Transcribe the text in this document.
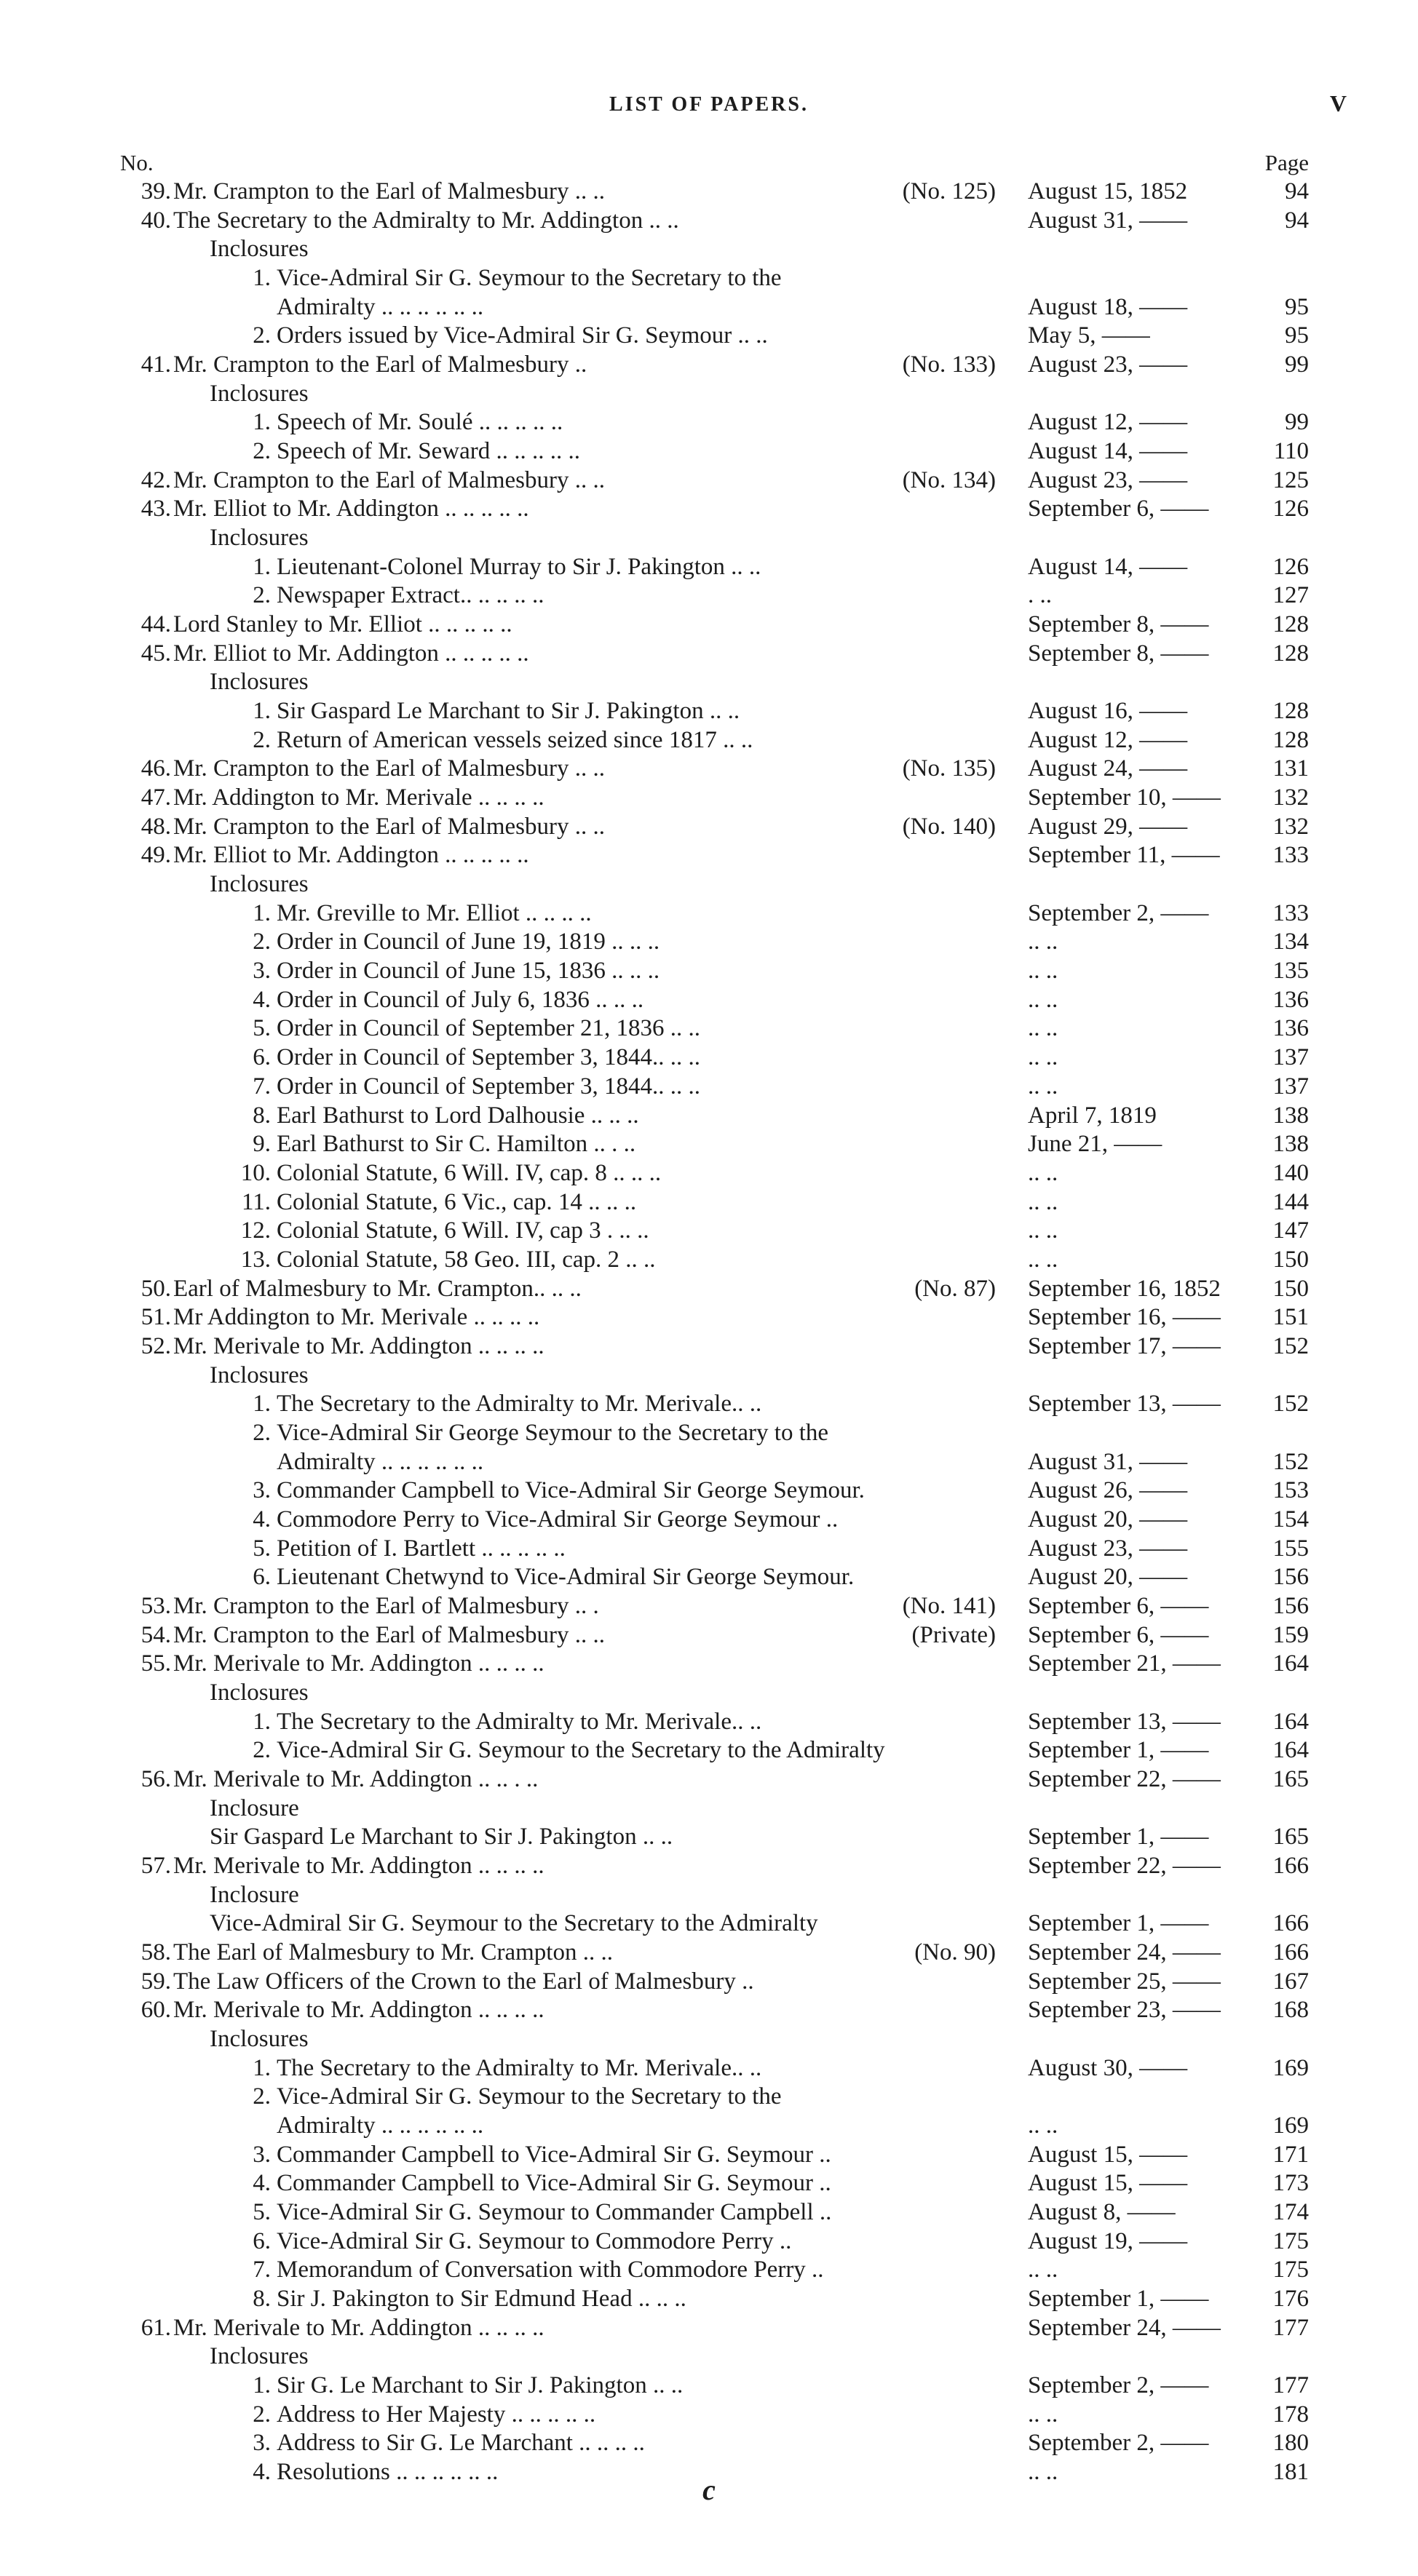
LIST OF PAPERS.	V
No.	Page
39. Mr. Crampton to the Earl of Malmesbury .. ..	(No. 125) August 15, 1852	94
40. The Secretary to the Admiralty to Mr. Addington .. ..	August 31, ——	94
Inclosures
1. Vice-Admiral Sir G. Seymour to the Secretary to the
Admiralty .. .. .. .. .. ..	August 18, ——	95
2. Orders issued by Vice-Admiral Sir G. Seymour .. ..	May 5, ——	95
41. Mr. Crampton to the Earl of Malmesbury ..	(No. 133) August 23, ——	99
Inclosures
1. Speech of Mr. Soulé .. .. .. .. ..	August 12, ——	99
2. Speech of Mr. Seward .. .. .. .. ..	August 14, ——	110
42. Mr. Crampton to the Earl of Malmesbury .. ..	(No. 134) August 23, ——	125
43. Mr. Elliot to Mr. Addington .. .. .. .. ..	September 6, ——	126
Inclosures
1. Lieutenant-Colonel Murray to Sir J. Pakington .. ..	August 14, ——	126
2. Newspaper Extract.. .. .. .. ..	. ..	127
44. Lord Stanley to Mr. Elliot .. .. .. .. ..	September 8, ——	128
45. Mr. Elliot to Mr. Addington .. .. .. .. ..	September 8, ——	128
Inclosures
1. Sir Gaspard Le Marchant to Sir J. Pakington .. ..	August 16, ——	128
2. Return of American vessels seized since 1817 .. ..	August 12, ——	128
46. Mr. Crampton to the Earl of Malmesbury .. ..	(No. 135) August 24, ——	131
47. Mr. Addington to Mr. Merivale .. .. .. ..	September 10, —— 132
48. Mr. Crampton to the Earl of Malmesbury .. ..	(No. 140) August 29, ——	132
49. Mr. Elliot to Mr. Addington .. .. .. .. ..	September 11, —— 133
Inclosures
1. Mr. Greville to Mr. Elliot .. .. .. ..	September 2, ——	133
2. Order in Council of June 19, 1819 .. .. ..	.. ..	134
3. Order in Council of June 15, 1836 .. .. ..	.. ..	135
4. Order in Council of July 6, 1836 .. .. ..	.. ..	136
5. Order in Council of September 21, 1836 .. ..	.. ..	136
6. Order in Council of September 3, 1844.. .. ..	.. ..	137
7. Order in Council of September 3, 1844.. .. ..	.. ..	137
8. Earl Bathurst to Lord Dalhousie .. .. ..	April 7, 1819	138
9. Earl Bathurst to Sir C. Hamilton .. . ..	June 21, ——	138
10. Colonial Statute, 6 Will. IV, cap. 8 .. .. ..	.. ..	140
11. Colonial Statute, 6 Vic., cap. 14 .. .. ..	.. ..	144
12. Colonial Statute, 6 Will. IV, cap 3 . .. ..	.. ..	147
13. Colonial Statute, 58 Geo. III, cap. 2 .. ..	.. ..	150
50. Earl of Malmesbury to Mr. Crampton.. .. ..	(No. 87) September 16, 1852 150
51. Mr Addington to Mr. Merivale .. .. .. ..	September 16, —— 151
52. Mr. Merivale to Mr. Addington .. .. .. ..	September 17, —— 152
Inclosures
1. The Secretary to the Admiralty to Mr. Merivale.. ..	September 13, —— 152
2. Vice-Admiral Sir George Seymour to the Secretary to the
Admiralty .. .. .. .. .. ..	August 31, ——	152
3. Commander Campbell to Vice-Admiral Sir George Seymour.	August 26, ——	153
4. Commodore Perry to Vice-Admiral Sir George Seymour ..	August 20, ——	154
5. Petition of I. Bartlett .. .. .. .. ..	August 23, ——	155
6. Lieutenant Chetwynd to Vice-Admiral Sir George Seymour.	August 20, ——	156
53. Mr. Crampton to the Earl of Malmesbury .. .	(No. 141) September 6, ——	156
54. Mr. Crampton to the Earl of Malmesbury .. ..	(Private) September 6, ——	159
55. Mr. Merivale to Mr. Addington .. .. .. ..	September 21, —— 164
Inclosures
1. The Secretary to the Admiralty to Mr. Merivale.. ..	September 13, —— 164
2. Vice-Admiral Sir G. Seymour to the Secretary to the Admiralty	September 1, ——	164
56. Mr. Merivale to Mr. Addington .. .. . ..	September 22, —— 165
Inclosure
Sir Gaspard Le Marchant to Sir J. Pakington .. ..	September 1, ——	165
57. Mr. Merivale to Mr. Addington .. .. .. ..	September 22, —— 166
Inclosure
Vice-Admiral Sir G. Seymour to the Secretary to the Admiralty	September 1, ——	166
58. The Earl of Malmesbury to Mr. Crampton .. ..	(No. 90) September 24, —— 166
59. The Law Officers of the Crown to the Earl of Malmesbury ..	September 25, —— 167
60. Mr. Merivale to Mr. Addington .. .. .. ..	September 23, —— 168
Inclosures
1. The Secretary to the Admiralty to Mr. Merivale.. ..	August 30, ——	169
2. Vice-Admiral Sir G. Seymour to the Secretary to the
Admiralty .. .. .. .. .. ..	.. ..	169
3. Commander Campbell to Vice-Admiral Sir G. Seymour ..	August 15, ——	171
4. Commander Campbell to Vice-Admiral Sir G. Seymour ..	August 15, ——	173
5. Vice-Admiral Sir G. Seymour to Commander Campbell ..	August 8, ——	174
6. Vice-Admiral Sir G. Seymour to Commodore Perry ..	August 19, ——	175
7. Memorandum of Conversation with Commodore Perry ..	.. ..	175
8. Sir J. Pakington to Sir Edmund Head .. .. ..	September 1, ——	176
61. Mr. Merivale to Mr. Addington .. .. .. ..	September 24, —— 177
Inclosures
1. Sir G. Le Marchant to Sir J. Pakington .. ..	September 2, ——	177
2. Address to Her Majesty .. .. .. .. ..	.. ..	178
3. Address to Sir G. Le Marchant .. .. .. ..	September 2, ——	180
4. Resolutions .. .. .. .. .. ..	.. ..	181
c
